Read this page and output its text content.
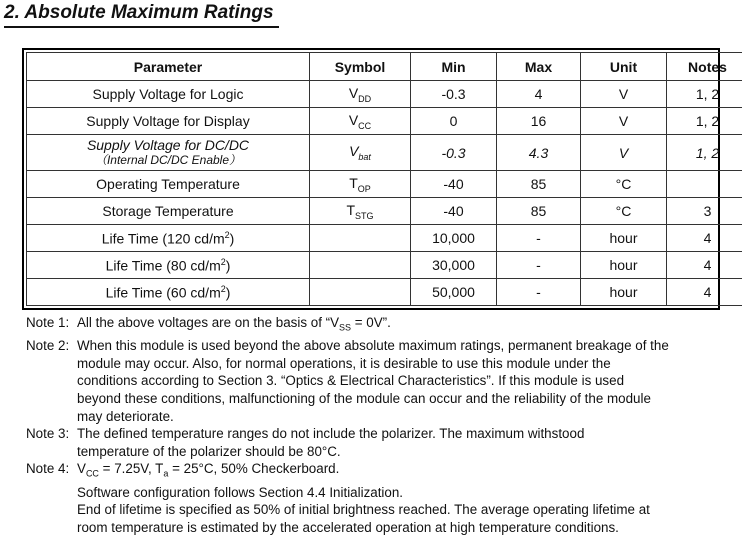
2. Absolute Maximum Ratings
Parameter	Symbol	Min	Max	Unit	Notes
Supply Voltage for Logic	$V_{DD}$	-0.3	4	V	1, 2
Supply Voltage for Display	$V_{CC}$	0	16	V	1, 2

Supply Voltage for DC/DC
（Internal DC/DC Enable）	$V_{bat}$	-0.3	4.3	V	1, 2
Operating Temperature	$T_{OP}$	-40	85	°C	
Storage Temperature	$T_{STG}$	-40	85	°C	3
Life Time (120 $cd/m^2$)		10,000	-	hour	4
Life Time (80 $cd/m^2$)		30,000	-	hour	4
Life Time (60 $cd/m^2$)		50,000	-	hour	4
Note 1: All the above voltages are on the basis of “$V_{SS} = 0V$”.
Note 2: When this module is used beyond the above absolute maximum ratings, permanent breakage of the
module may occur. Also, for normal operations, it is desirable to use this module under the
conditions according to Section 3. “Optics & Electrical Characteristics”. If this module is used
beyond these conditions, malfunctioning of the module can occur and the reliability of the module
may deteriorate.
Note 3: The defined temperature ranges do not include the polarizer. The maximum withstood
temperature of the polarizer should be 80°C.
Note 4: $V_{CC} = 7.25V$, $T_a = 25^\circ C$, 50% Checkerboard.
Software configuration follows Section 4.4 Initialization.
End of lifetime is specified as 50% of initial brightness reached. The average operating lifetime at
room temperature is estimated by the accelerated operation at high temperature conditions.
